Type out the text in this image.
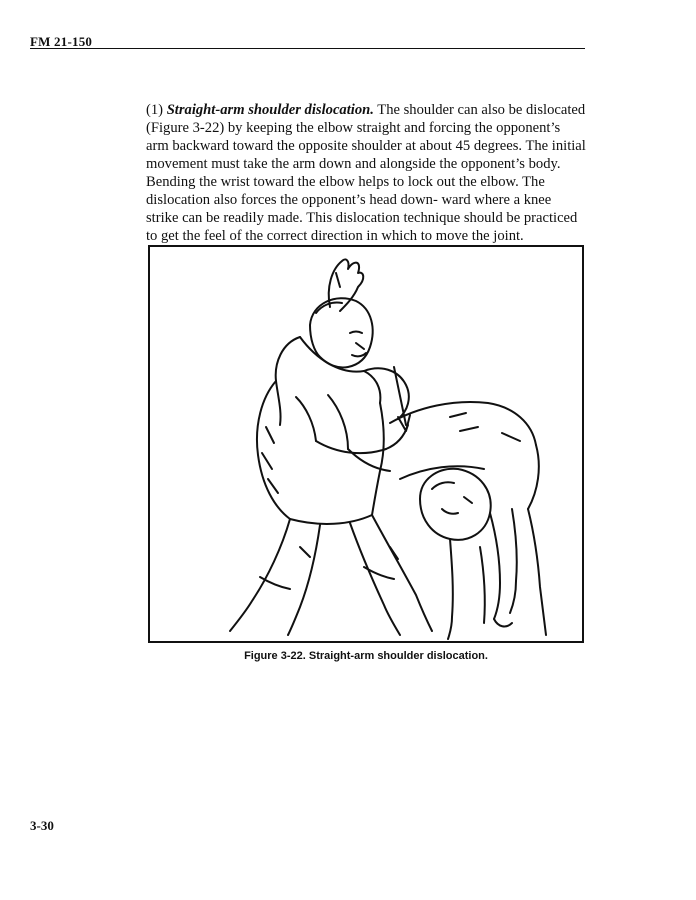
FM 21-150
(1) Straight-arm shoulder dislocation. The shoulder can also be dislocated (Figure 3-22) by keeping the elbow straight and forcing the opponent’s arm backward toward the opposite shoulder at about 45 degrees. The initial movement must take the arm down and alongside the opponent’s body. Bending the wrist toward the elbow helps to lock out the elbow. The dislocation also forces the opponent’s head down- ward where a knee strike can be readily made. This dislocation technique should be practiced to get the feel of the correct direction in which to move the joint.
Figure 3-22. Straight-arm shoulder dislocation.
3-30
